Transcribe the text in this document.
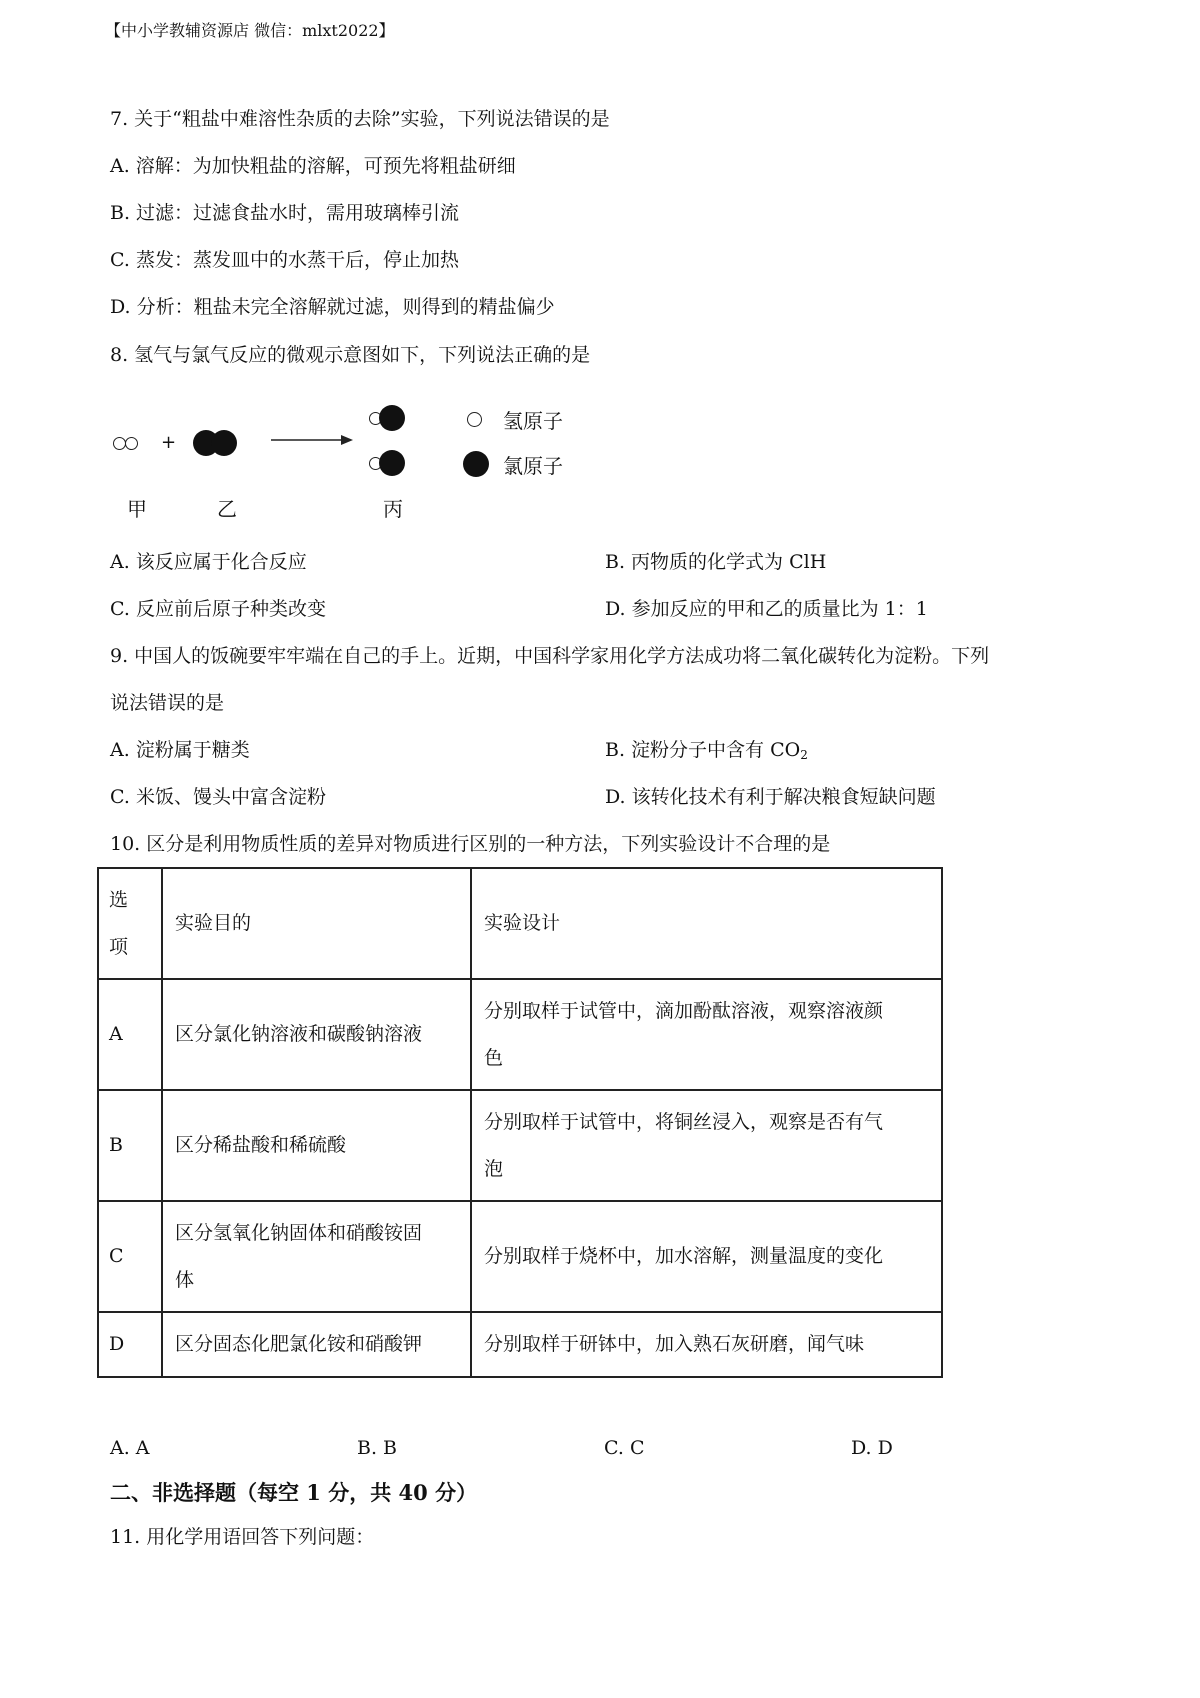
【中小学教辅资源店 微信：mlxt2022】
7. 关于“粗盐中难溶性杂质的去除”实验，下列说法错误的是
A. 溶解：为加快粗盐的溶解，可预先将粗盐研细
B. 过滤：过滤食盐水时，需用玻璃棒引流
C. 蒸发：蒸发皿中的水蒸干后，停止加热
D. 分析：粗盐未完全溶解就过滤，则得到的精盐偏少
8. 氢气与氯气反应的微观示意图如下，下列说法正确的是
+
氢原子
氯原子
甲	乙	丙
A. 该反应属于化合反应	B. 丙物质的化学式为 ClH
C. 反应前后原子种类改变	D. 参加反应的甲和乙的质量比为 1：1
9. 中国人的饭碗要牢牢端在自己的手上。近期，中国科学家用化学方法成功将二氧化碳转化为淀粉。下列
说法错误的是
A. 淀粉属于糖类	B. 淀粉分子中含有 $CO_2$
C. 米饭、馒头中富含淀粉	D. 该转化技术有利于解决粮食短缺问题
10. 区分是利用物质性质的差异对物质进行区别的一种方法，下列实验设计不合理的是
选
项	实验目的	实验设计
A	区分氯化钠溶液和碳酸钠溶液	分别取样于试管中，滴加酚酞溶液，观察溶液颜
色
B	区分稀盐酸和稀硫酸	分别取样于试管中，将铜丝浸入，观察是否有气
泡
C	区分氢氧化钠固体和硝酸铵固
体	分别取样于烧杯中，加水溶解，测量温度的变化
D	区分固态化肥氯化铵和硝酸钾	分别取样于研钵中，加入熟石灰研磨，闻气味
A. A	B. B	C. C	D. D
二、非选择题（每空 1 分，共 40 分）
11. 用化学用语回答下列问题：
